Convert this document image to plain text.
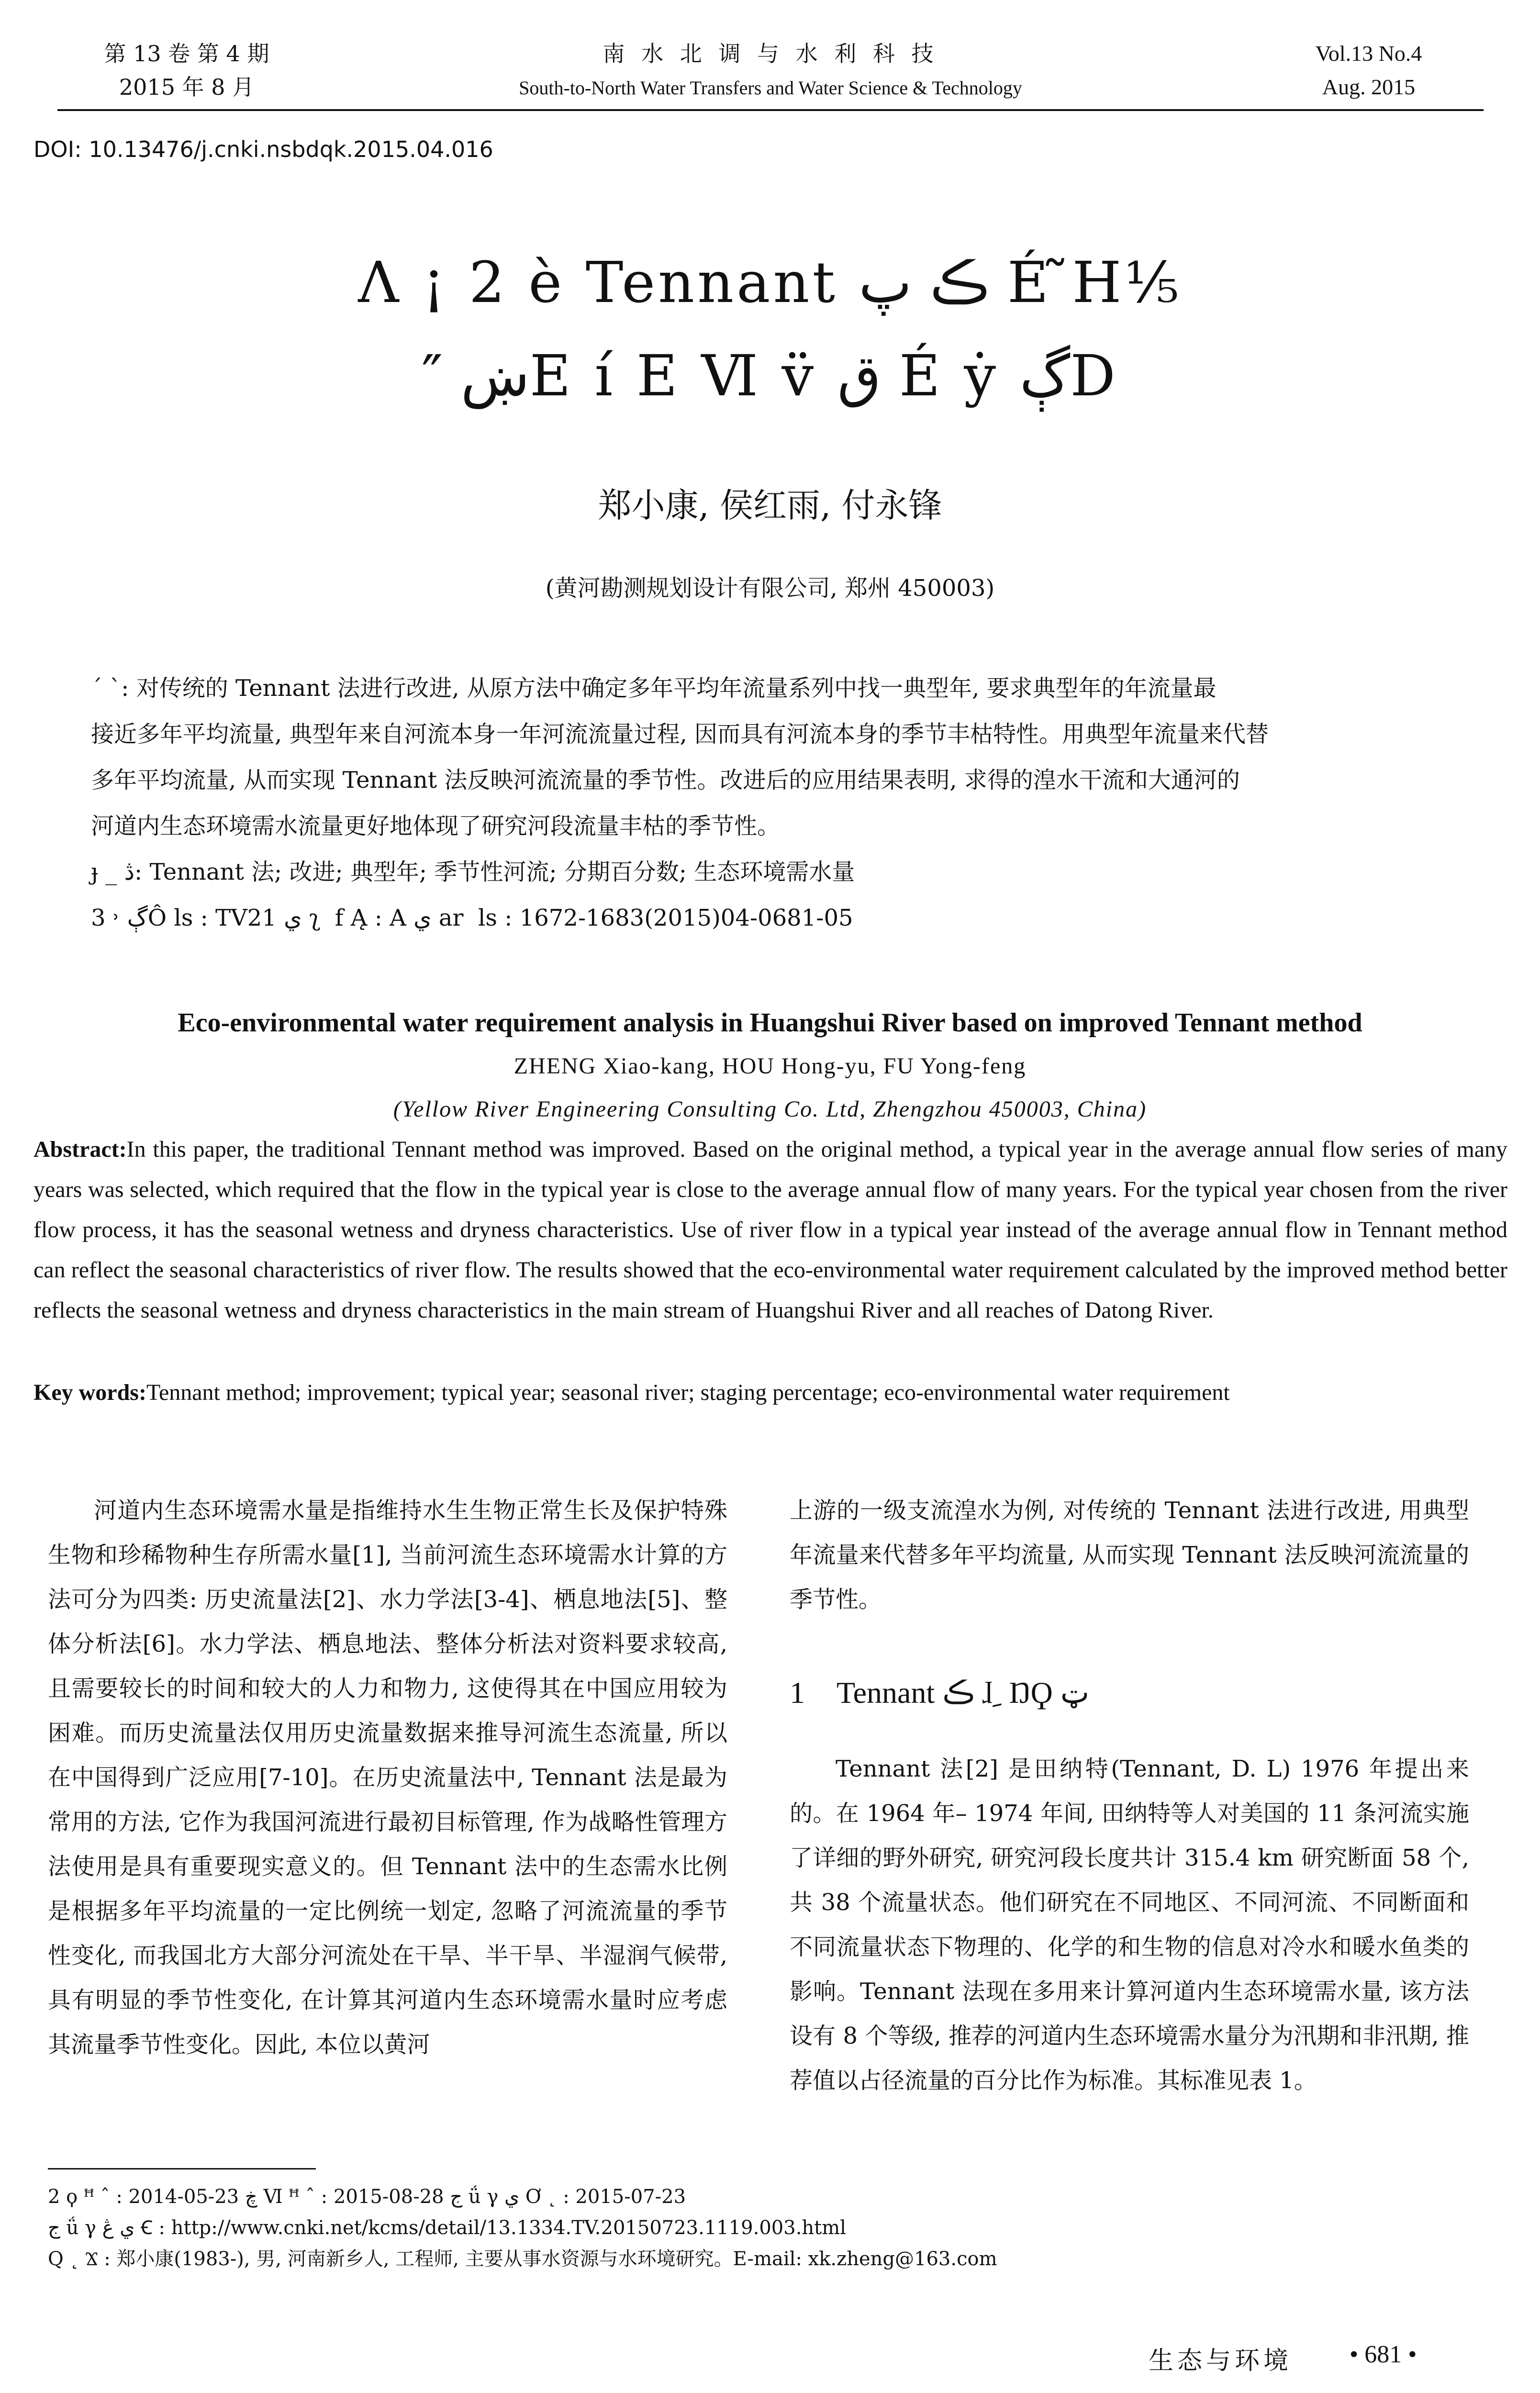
第 13 卷 第 4 期
2015 年 8 月
南 水 北 调 与 水 利 科 技
South-to-North Water Transfers and Water Science & Technology
Vol.13 No.4
Aug. 2015
DOI: 10.13476/j.cnki.nsbdqk.2015.04.016
Λ ¡ 2 è Tennant ڪ پ É ̃H⅕
″ ښE í E Ⅵ v̈ ق É ẏ ڳD
郑小康, 侯红雨, 付永锋
(黄河勘测规划设计有限公司, 郑州 450003)
ˊ ˋ: 对传统的 Tennant 法进行改进, 从原方法中确定多年平均年流量系列中找一典型年, 要求典型年的年流量最
接近多年平均流量, 典型年来自河流本身一年河流流量过程, 因而具有河流本身的季节丰枯特性。用典型年流量来代替
多年平均流量, 从而实现 Tennant 法反映河流流量的季节性。改进后的应用结果表明, 求得的湟水干流和大通河的
河道内生态环境需水流量更好地体现了研究河段流量丰枯的季节性。
ɟ _ ڎ: Tennant 法; 改进; 典型年; 季节性河流; 分期百分数; 生态环境需水量
3 ˒ ڳÔ ls : TV21 ي ʅ ͏ f Ą : A ي ar ͏ ls : 1672-1683(2015)04-0681-05
Eco-environmental water requirement analysis in Huangshui River based on improved Tennant method
ZHENG Xiao-kang, HOU Hong-yu, FU Yong-feng
(Yellow River Engineering Consulting Co. Ltd, Zhengzhou 450003, China)
Abstract:In this paper, the traditional Tennant method was improved. Based on the original method, a typical year in the average annual flow series of many years was selected, which required that the flow in the typical year is close to the average annual flow of many years. For the typical year chosen from the river flow process, it has the seasonal wetness and dryness characteristics. Use of river flow in a typical year instead of the average annual flow in Tennant method can reflect the seasonal characteristics of river flow. The results showed that the eco-environmental water requirement calculated by the improved method better reflects the seasonal wetness and dryness characteristics in the main stream of Huangshui River and all reaches of Datong River.
Key words:Tennant method; improvement; typical year; seasonal river; staging percentage; eco-environmental water requirement

河道内生态环境需水量是指维持水生生物正常生长及保护特殊生物和珍稀物种生存所需水量[1], 当前河流生态环境需水计算的方法可分为四类: 历史流量法[2]、水力学法[3-4]、栖息地法[5]、整体分析法[6]。水力学法、栖息地法、整体分析法对资料要求较高, 且需要较长的时间和较大的人力和物力, 这使得其在中国应用较为困难。而历史流量法仅用历史流量数据来推导河流生态流量, 所以在中国得到广泛应用[7-10]。在历史流量法中, Tennant 法是最为常用的方法, 它作为我国河流进行最初目标管理, 作为战略性管理方法使用是具有重要现实意义的。但 Tennant 法中的生态需水比例是根据多年平均流量的一定比例统一划定, 忽略了河流流量的季节性变化, 而我国北方大部分河流处在干旱、半干旱、半湿润气候带, 具有明显的季节性变化, 在计算其河道内生态环境需水量时应考虑其流量季节性变化。因此, 本位以黄河

上游的一级支流湟水为例, 对传统的 Tennant 法进行改进, 用典型年流量来代替多年平均流量, 从而实现 Tennant 法反映河流流量的季节性。

1 Tennant ڪ ɺ ِ ŊϘ ټ

Tennant 法[2] 是田纳特(Tennant, D. L) 1976 年提出来的。在 1964 年– 1974 年间, 田纳特等人对美国的 11 条河流实施了详细的野外研究, 研究河段长度共计 315.4 km 研究断面 58 个, 共 38 个流量状态。他们研究在不同地区、不同河流、不同断面和不同流量状态下物理的、化学的和生物的信息对冷水和暖水鱼类的影响。Tennant 法现在多用来计算河道内生态环境需水量, 该方法设有 8 个等级, 推荐的河道内生态环境需水量分为汛期和非汛期, 推荐值以占径流量的百分比作为标准。其标准见表 1。

2 ϙ ꟸ ˆ : 2014-05-23 ڿ Ⅵ ꟸ ˆ : 2015-08-28 ج ǘ γ ي Ơ ˛ : 2015-07-23
ج ǘ γ ي ڠ Ꞓ : http://www.cnki.net/kcms/detail/13.1334.TV.20150723.1119.003.html
Q ˛ Ϫ : 郑小康(1983-), 男, 河南新乡人, 工程师, 主要从事水资源与水环境研究。E-mail: xk.zheng@163.com
生态与环境 • 681 •
